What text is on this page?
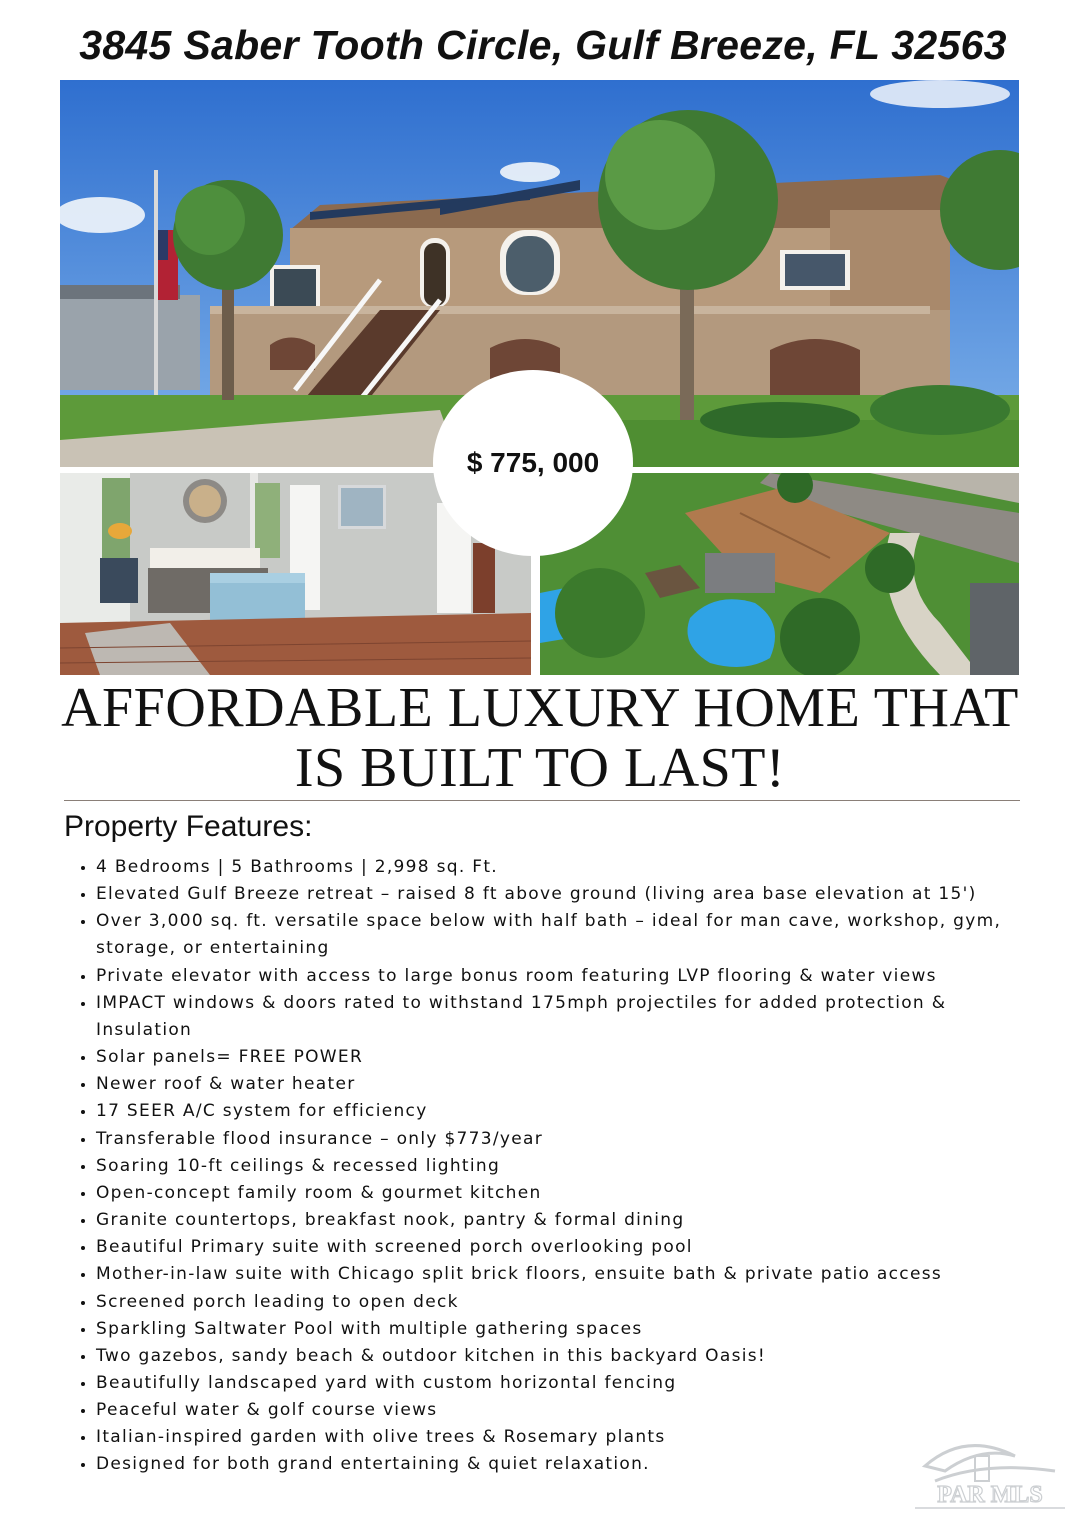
3845 Saber Tooth Circle, Gulf Breeze, FL 32563
$ 775, 000
AFFORDABLE LUXURY HOME THAT
IS BUILT TO LAST!
Property Features:
• 4 Bedrooms | 5 Bathrooms | 2,998 sq. Ft.
• Elevated Gulf Breeze retreat – raised 8 ft above ground (living area base elevation at 15')
• Over 3,000 sq. ft. versatile space below with half bath – ideal for man cave, workshop, gym, storage, or entertaining
• Private elevator with access to large bonus room featuring LVP flooring & water views
• IMPACT windows & doors rated to withstand 175mph projectiles for added protection & Insulation
• Solar panels= FREE POWER
• Newer roof & water heater
• 17 SEER A/C system for efficiency
• Transferable flood insurance – only $773/year
• Soaring 10-ft ceilings & recessed lighting
• Open-concept family room & gourmet kitchen
• Granite countertops, breakfast nook, pantry & formal dining
• Beautiful Primary suite with screened porch overlooking pool
• Mother-in-law suite with Chicago split brick floors, ensuite bath & private patio access
• Screened porch leading to open deck
• Sparkling Saltwater Pool with multiple gathering spaces
• Two gazebos, sandy beach & outdoor kitchen in this backyard Oasis!
• Beautifully landscaped yard with custom horizontal fencing
• Peaceful water & golf course views
• Italian-inspired garden with olive trees & Rosemary plants
• Designed for both grand entertaining & quiet relaxation.
PAR MLS
